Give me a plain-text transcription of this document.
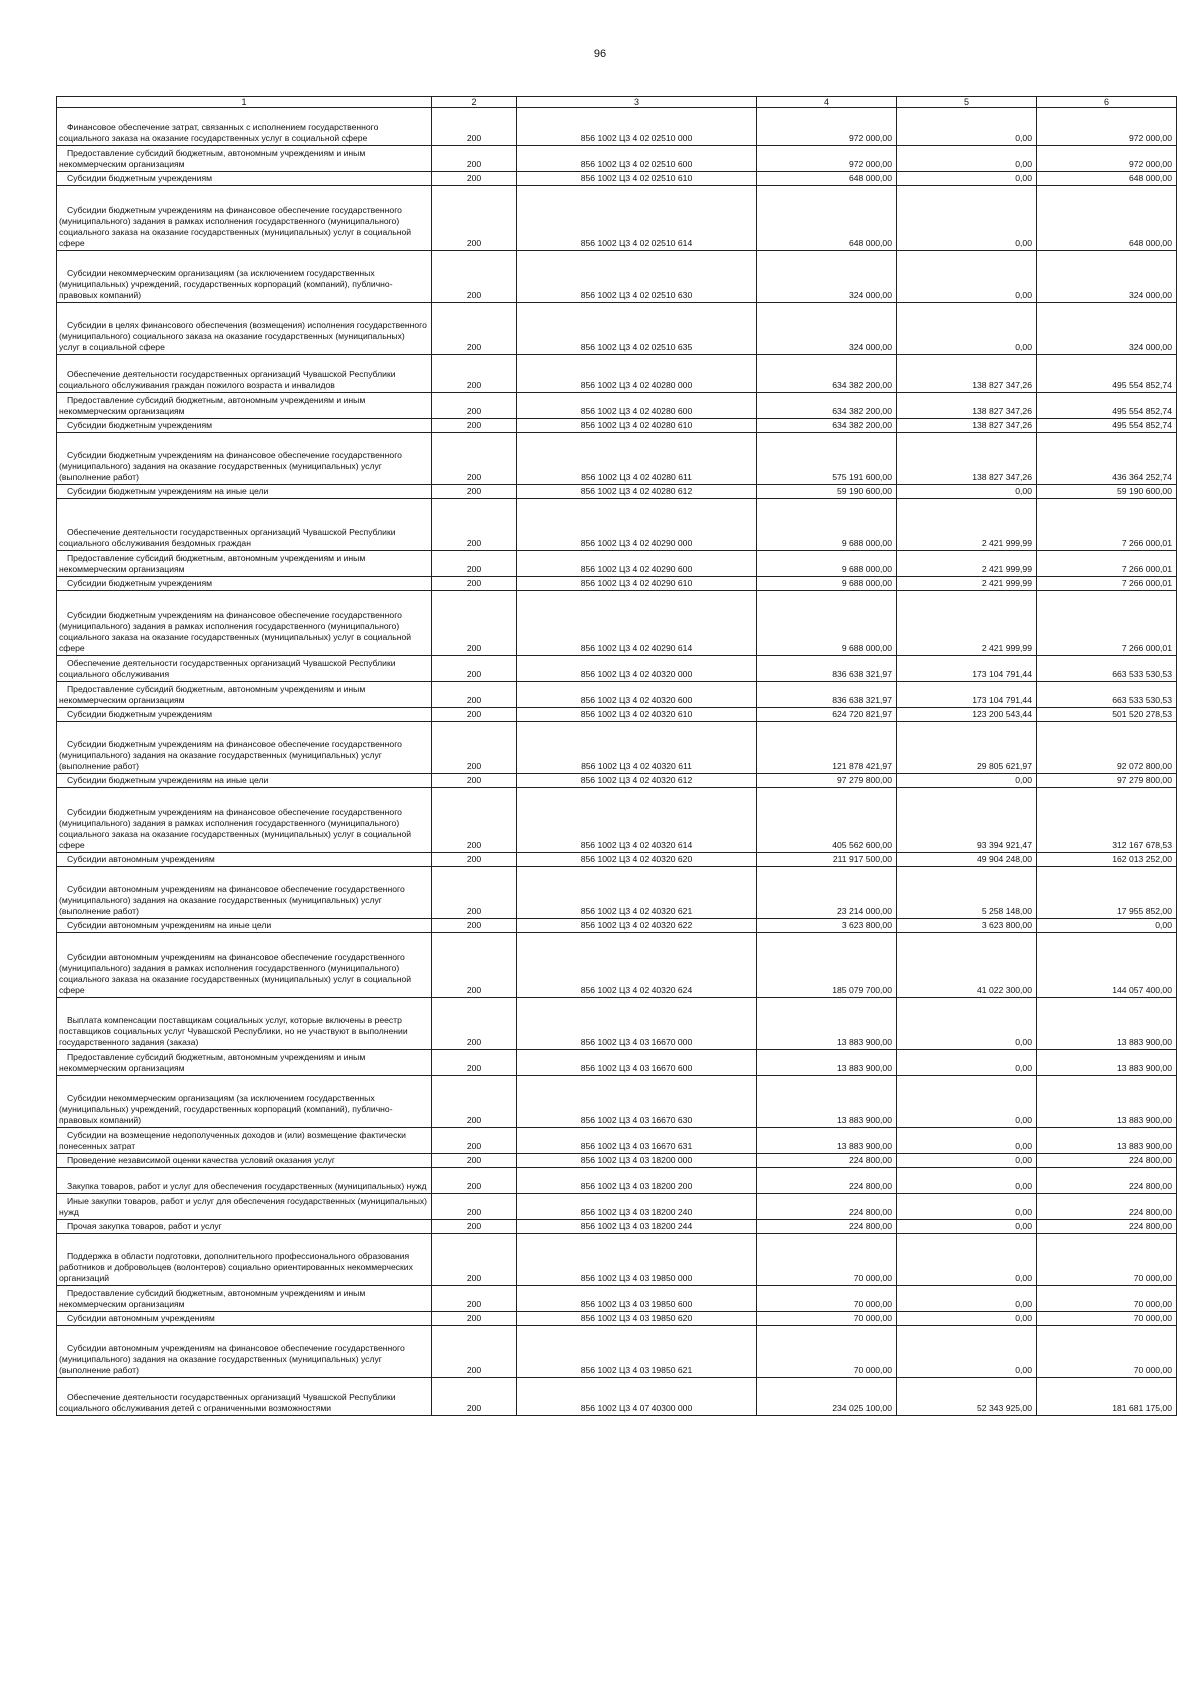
96
1	2	3	4	5	6
Финансовое обеспечение затрат, связанных с исполнением государственного социального заказа на оказание государственных услуг в социальной сфере	200	856 1002 Ц3 4 02 02510 000	972 000,00	0,00	972 000,00
Предоставление субсидий бюджетным, автономным учреждениям и иным некоммерческим организациям	200	856 1002 Ц3 4 02 02510 600	972 000,00	0,00	972 000,00
Субсидии бюджетным учреждениям	200	856 1002 Ц3 4 02 02510 610	648 000,00	0,00	648 000,00
Субсидии бюджетным учреждениям на финансовое обеспечение государственного (муниципального) задания в рамках исполнения государственного (муниципального) социального заказа на оказание государственных (муниципальных) услуг в социальной сфере	200	856 1002 Ц3 4 02 02510 614	648 000,00	0,00	648 000,00
Субсидии некоммерческим организациям (за исключением государственных (муниципальных) учреждений, государственных корпораций (компаний), публично-правовых компаний)	200	856 1002 Ц3 4 02 02510 630	324 000,00	0,00	324 000,00
Субсидии в целях финансового обеспечения (возмещения) исполнения государственного (муниципального) социального заказа на оказание государственных (муниципальных) услуг в социальной сфере	200	856 1002 Ц3 4 02 02510 635	324 000,00	0,00	324 000,00
Обеспечение деятельности государственных организаций Чувашской Республики социального обслуживания граждан пожилого возраста и инвалидов	200	856 1002 Ц3 4 02 40280 000	634 382 200,00	138 827 347,26	495 554 852,74
Предоставление субсидий бюджетным, автономным учреждениям и иным некоммерческим организациям	200	856 1002 Ц3 4 02 40280 600	634 382 200,00	138 827 347,26	495 554 852,74
Субсидии бюджетным учреждениям	200	856 1002 Ц3 4 02 40280 610	634 382 200,00	138 827 347,26	495 554 852,74
Субсидии бюджетным учреждениям на финансовое обеспечение государственного (муниципального) задания на оказание государственных (муниципальных) услуг (выполнение работ)	200	856 1002 Ц3 4 02 40280 611	575 191 600,00	138 827 347,26	436 364 252,74
Субсидии бюджетным учреждениям на иные цели	200	856 1002 Ц3 4 02 40280 612	59 190 600,00	0,00	59 190 600,00
Обеспечение деятельности государственных организаций Чувашской Республики социального обслуживания бездомных граждан	200	856 1002 Ц3 4 02 40290 000	9 688 000,00	2 421 999,99	7 266 000,01
Предоставление субсидий бюджетным, автономным учреждениям и иным некоммерческим организациям	200	856 1002 Ц3 4 02 40290 600	9 688 000,00	2 421 999,99	7 266 000,01
Субсидии бюджетным учреждениям	200	856 1002 Ц3 4 02 40290 610	9 688 000,00	2 421 999,99	7 266 000,01
Субсидии бюджетным учреждениям на финансовое обеспечение государственного (муниципального) задания в рамках исполнения государственного (муниципального) социального заказа на оказание государственных (муниципальных) услуг в социальной сфере	200	856 1002 Ц3 4 02 40290 614	9 688 000,00	2 421 999,99	7 266 000,01
Обеспечение деятельности государственных организаций Чувашской Республики социального обслуживания	200	856 1002 Ц3 4 02 40320 000	836 638 321,97	173 104 791,44	663 533 530,53
Предоставление субсидий бюджетным, автономным учреждениям и иным некоммерческим организациям	200	856 1002 Ц3 4 02 40320 600	836 638 321,97	173 104 791,44	663 533 530,53
Субсидии бюджетным учреждениям	200	856 1002 Ц3 4 02 40320 610	624 720 821,97	123 200 543,44	501 520 278,53
Субсидии бюджетным учреждениям на финансовое обеспечение государственного (муниципального) задания на оказание государственных (муниципальных) услуг (выполнение работ)	200	856 1002 Ц3 4 02 40320 611	121 878 421,97	29 805 621,97	92 072 800,00
Субсидии бюджетным учреждениям на иные цели	200	856 1002 Ц3 4 02 40320 612	97 279 800,00	0,00	97 279 800,00
Субсидии бюджетным учреждениям на финансовое обеспечение государственного (муниципального) задания в рамках исполнения государственного (муниципального) социального заказа на оказание государственных (муниципальных) услуг в социальной сфере	200	856 1002 Ц3 4 02 40320 614	405 562 600,00	93 394 921,47	312 167 678,53
Субсидии автономным учреждениям	200	856 1002 Ц3 4 02 40320 620	211 917 500,00	49 904 248,00	162 013 252,00
Субсидии автономным учреждениям на финансовое обеспечение государственного (муниципального) задания на оказание государственных (муниципальных) услуг (выполнение работ)	200	856 1002 Ц3 4 02 40320 621	23 214 000,00	5 258 148,00	17 955 852,00
Субсидии автономным учреждениям на иные цели	200	856 1002 Ц3 4 02 40320 622	3 623 800,00	3 623 800,00	0,00
Субсидии автономным учреждениям на финансовое обеспечение государственного (муниципального) задания в рамках исполнения государственного (муниципального) социального заказа на оказание государственных (муниципальных) услуг в социальной сфере	200	856 1002 Ц3 4 02 40320 624	185 079 700,00	41 022 300,00	144 057 400,00
Выплата компенсации поставщикам социальных услуг, которые включены в реестр поставщиков социальных услуг Чувашской Республики, но не участвуют в выполнении государственного задания (заказа)	200	856 1002 Ц3 4 03 16670 000	13 883 900,00	0,00	13 883 900,00
Предоставление субсидий бюджетным, автономным учреждениям и иным некоммерческим организациям	200	856 1002 Ц3 4 03 16670 600	13 883 900,00	0,00	13 883 900,00
Субсидии некоммерческим организациям (за исключением государственных (муниципальных) учреждений, государственных корпораций (компаний), публично-правовых компаний)	200	856 1002 Ц3 4 03 16670 630	13 883 900,00	0,00	13 883 900,00
Субсидии на возмещение недополученных доходов и (или) возмещение фактически понесенных затрат	200	856 1002 Ц3 4 03 16670 631	13 883 900,00	0,00	13 883 900,00
Проведение независимой оценки качества условий оказания услуг	200	856 1002 Ц3 4 03 18200 000	224 800,00	0,00	224 800,00
Закупка товаров, работ и услуг для обеспечения государственных (муниципальных) нужд	200	856 1002 Ц3 4 03 18200 200	224 800,00	0,00	224 800,00
Иные закупки товаров, работ и услуг для обеспечения государственных (муниципальных) нужд	200	856 1002 Ц3 4 03 18200 240	224 800,00	0,00	224 800,00
Прочая закупка товаров, работ и услуг	200	856 1002 Ц3 4 03 18200 244	224 800,00	0,00	224 800,00
Поддержка в области подготовки, дополнительного профессионального образования работников и добровольцев (волонтеров) социально ориентированных некоммерческих организаций	200	856 1002 Ц3 4 03 19850 000	70 000,00	0,00	70 000,00
Предоставление субсидий бюджетным, автономным учреждениям и иным некоммерческим организациям	200	856 1002 Ц3 4 03 19850 600	70 000,00	0,00	70 000,00
Субсидии автономным учреждениям	200	856 1002 Ц3 4 03 19850 620	70 000,00	0,00	70 000,00
Субсидии автономным учреждениям на финансовое обеспечение государственного (муниципального) задания на оказание государственных (муниципальных) услуг (выполнение работ)	200	856 1002 Ц3 4 03 19850 621	70 000,00	0,00	70 000,00
Обеспечение деятельности государственных организаций Чувашской Республики социального обслуживания детей с ограниченными возможностями	200	856 1002 Ц3 4 07 40300 000	234 025 100,00	52 343 925,00	181 681 175,00
